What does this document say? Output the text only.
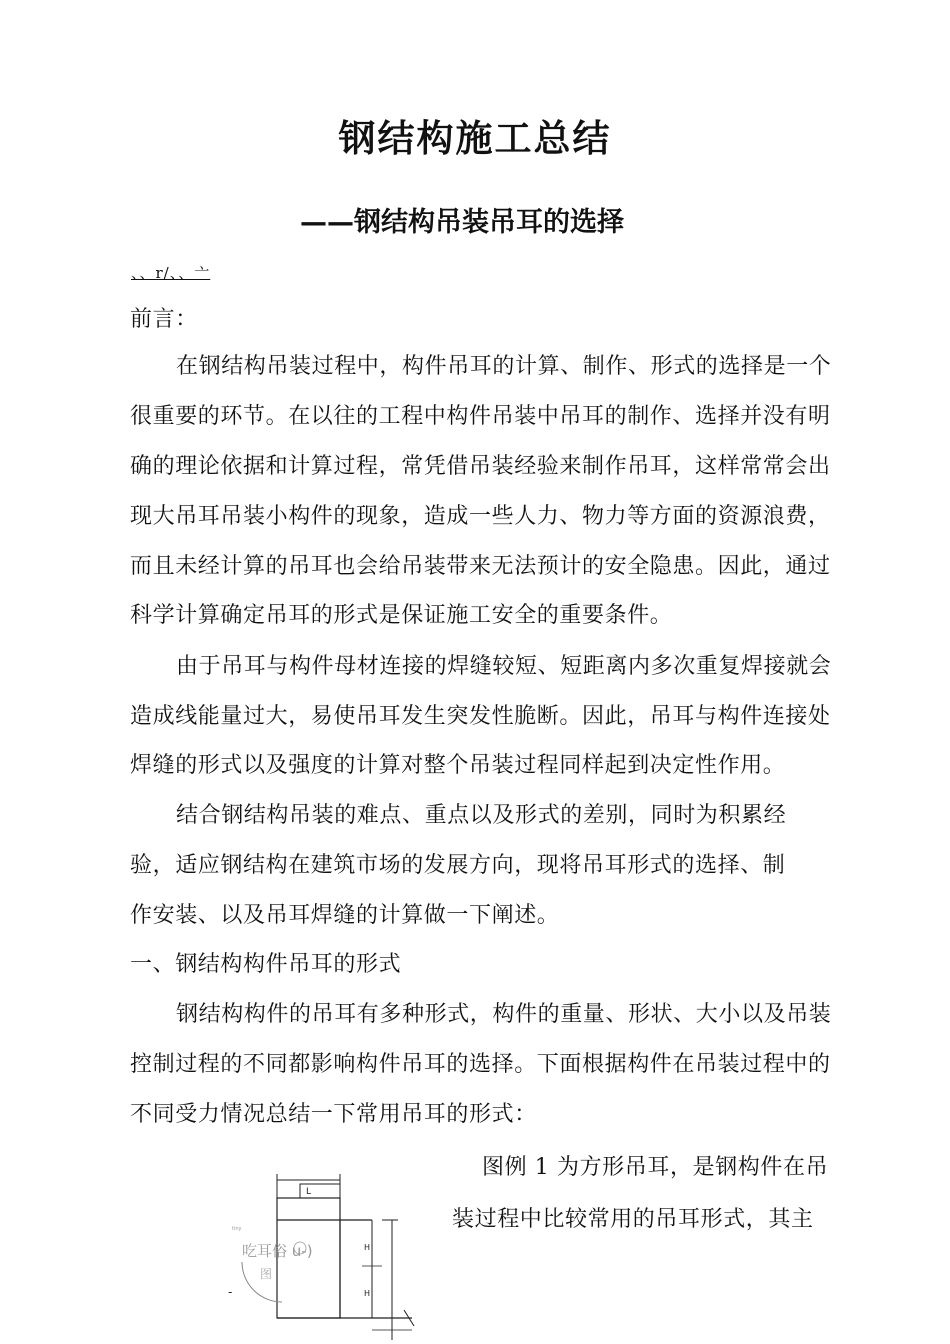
钢结构施工总结
——钢结构吊装吊耳的选择
、、r/、、亠

前言：

在钢结构吊装过程中，构件吊耳的计算、制作、形式的选择是一个

很重要的环节。在以往的工程中构件吊装中吊耳的制作、选择并没有明

确的理论依据和计算过程，常凭借吊装经验来制作吊耳，这样常常会出

现大吊耳吊装小构件的现象，造成一些人力、物力等方面的资源浪费，

而且未经计算的吊耳也会给吊装带来无法预计的安全隐患。因此，通过

科学计算确定吊耳的形式是保证施工安全的重要条件。

由于吊耳与构件母材连接的焊缝较短、短距离内多次重复焊接就会

造成线能量过大，易使吊耳发生突发性脆断。因此，吊耳与构件连接处

焊缝的形式以及强度的计算对整个吊装过程同样起到决定性作用。

结合钢结构吊装的难点、重点以及形式的差别，同时为积累经

验，适应钢结构在建筑市场的发展方向，现将吊耳形式的选择、制

作安装、以及吊耳焊缝的计算做一下阐述。

一、钢结构构件吊耳的形式

钢结构构件的吊耳有多种形式，构件的重量、形状、大小以及吊装

控制过程的不同都影响构件吊耳的选择。下面根据构件在吊装过程中的

不同受力情况总结一下常用吊耳的形式：

L
H
H
tiny
吃耳俗 u-)
图
-

图例 1 为方形吊耳，是钢构件在吊

装过程中比较常用的吊耳形式，其主
